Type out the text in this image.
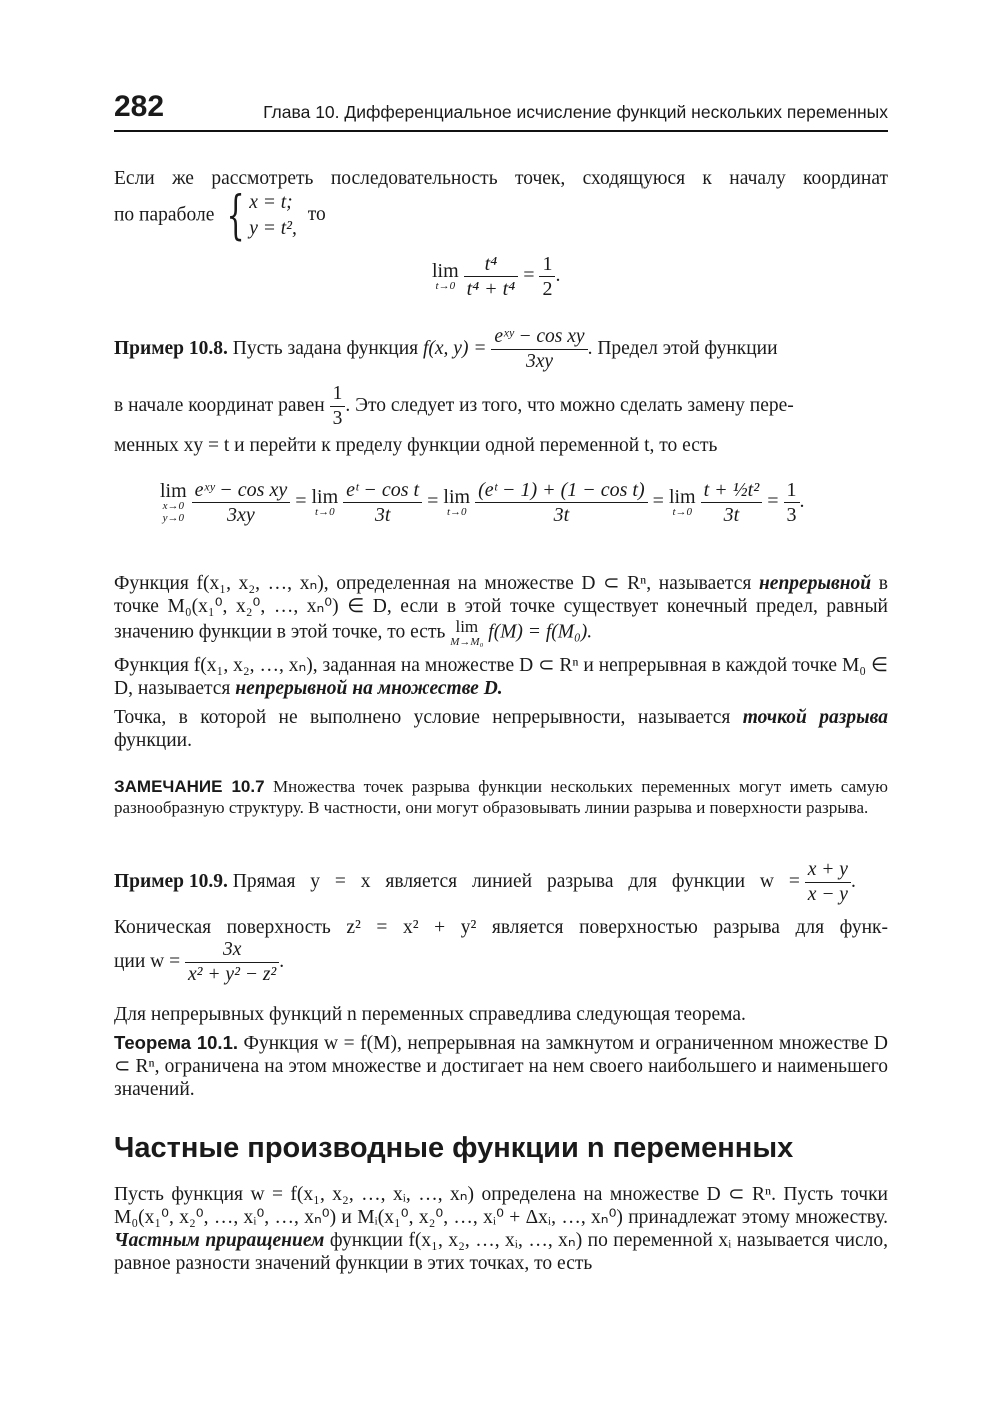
282	Глава 10. Дифференциальное исчисление функций нескольких переменных
Если же рассмотреть последовательность точек, сходящуюся к началу координат
по параболе { x = t;
y = t²,
то
lim
t→0
$\frac{\text{t⁴}}{\text{t⁴ + t⁴}} = \frac{1}{2}$ .
Пример 10.8. Пусть задана функция f(x, $y) = \frac{\text{eˣʸ − cos xy}}{3xy}$ . Предел этой функции
в начале координат равен $\frac{1}{3}$ . Это следует из того, что можно сделать замену пере-
менных xy = t и перейти к пределу функции одной переменной t, то есть
lim
x→0
y→0
$\frac{\text{eˣʸ − cos xy}}{3xy} = \lim$
t→0
$\frac{\text{eᵗ − cos t}}{3t} = \lim$
t→0
$\frac{\text{(eᵗ − 1) + (1 − cos t)}}{3t} = \lim$
t→0
$\frac{\text{t + ½t²}}{3t} = \frac{1}{3}$ .
Функция f(x₁, x₂, …, xₙ), определенная на множестве D ⊂ Rⁿ, называется непрерывной в точке M₀(x₁⁰, x₂⁰, …, xₙ⁰) ∈ D, если в этой точке существует конечный предел, равный значению функции в этой точке, то есть lim
M→M₀ f(M) = f(M₀).
Функция f(x₁, x₂, …, xₙ), заданная на множестве D ⊂ Rⁿ и непрерывная в каждой точке M₀ ∈ D, называется непрерывной на множестве D.
Точка, в которой не выполнено условие непрерывности, называется точкой разрыва функции.
ЗАМЕЧАНИЕ 10.7 Множества точек разрыва функции нескольких переменных могут иметь самую разнообразную структуру. В частности, они могут образовывать линии разрыва и поверхности разрыва.
Пример 10.9. Прямая y = x является линией разрыва для функции $w = \frac{x + y}{x - y}$ .
Коническая поверхность z² = x² + y² является поверхностью разрыва для функ-
ции $w = \frac{3x}{\text{x² + y² − z²}}$ .
Для непрерывных функций n переменных справедлива следующая теорема.
Теорема 10.1. Функция w = f(M), непрерывная на замкнутом и ограниченном множестве D ⊂ Rⁿ, ограничена на этом множестве и достигает на нем своего наибольшего и наименьшего значений.
Частные производные функции n переменных
Пусть функция w = f(x₁, x₂, …, xᵢ, …, xₙ) определена на множестве D ⊂ Rⁿ. Пусть точки M₀(x₁⁰, x₂⁰, …, xᵢ⁰, …, xₙ⁰) и Mᵢ(x₁⁰, x₂⁰, …, xᵢ⁰ + Δxᵢ, …, xₙ⁰) принадлежат этому множеству. Частным приращением функции f(x₁, x₂, …, xᵢ, …, xₙ) по переменной xᵢ называется число, равное разности значений функции в этих точках, то есть
